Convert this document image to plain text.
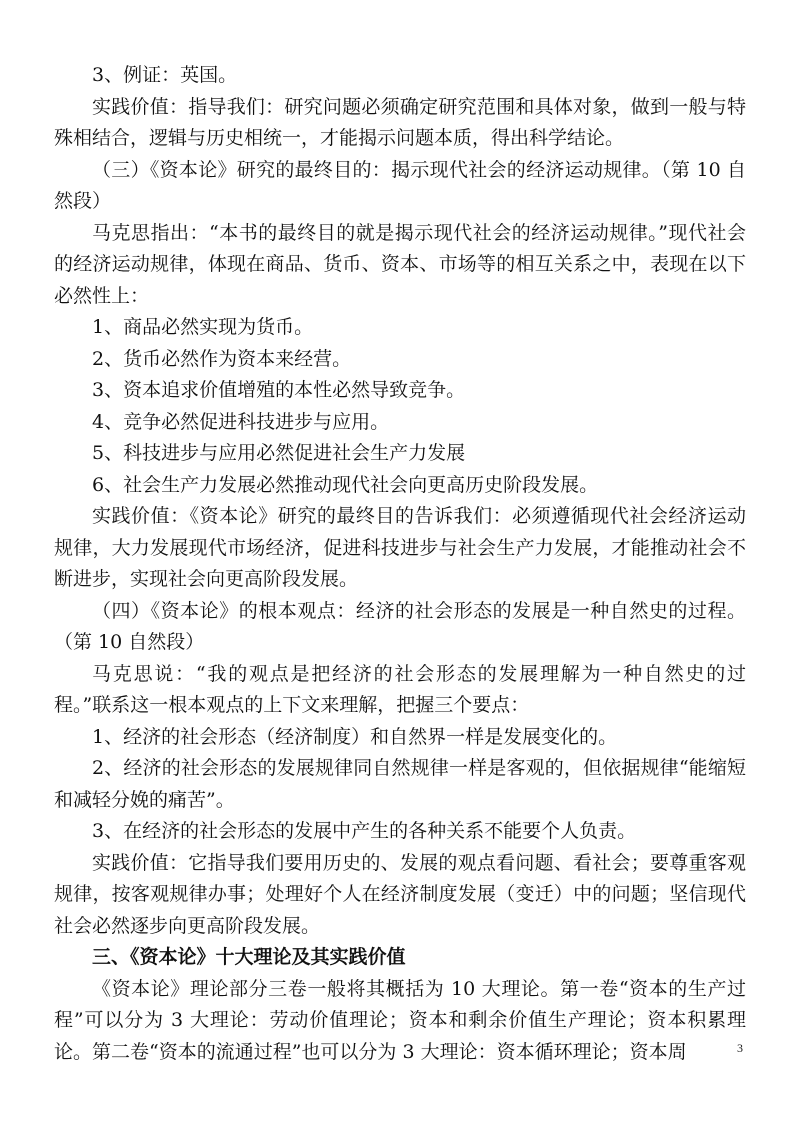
3、例证：英国。

实践价值：指导我们：研究问题必须确定研究范围和具体对象，做到一般与特殊相结合，逻辑与历史相统一，才能揭示问题本质，得出科学结论。

（三）《资本论》研究的最终目的：揭示现代社会的经济运动规律。（第 10 自然段）

马克思指出：“本书的最终目的就是揭示现代社会的经济运动规律。”现代社会的经济运动规律，体现在商品、货币、资本、市场等的相互关系之中，表现在以下必然性上：

1、商品必然实现为货币。

2、货币必然作为资本来经营。

3、资本追求价值增殖的本性必然导致竞争。

4、竞争必然促进科技进步与应用。

5、科技进步与应用必然促进社会生产力发展

6、社会生产力发展必然推动现代社会向更高历史阶段发展。

实践价值：《资本论》研究的最终目的告诉我们：必须遵循现代社会经济运动规律，大力发展现代市场经济，促进科技进步与社会生产力发展，才能推动社会不断进步，实现社会向更高阶段发展。

（四）《资本论》的根本观点：经济的社会形态的发展是一种自然史的过程。（第 10 自然段）

马克思说：“我的观点是把经济的社会形态的发展理解为一种自然史的过程。”联系这一根本观点的上下文来理解，把握三个要点：

1、经济的社会形态（经济制度）和自然界一样是发展变化的。

2、经济的社会形态的发展规律同自然规律一样是客观的，但依据规律“能缩短和减轻分娩的痛苦”。

3、在经济的社会形态的发展中产生的各种关系不能要个人负责。

实践价值：它指导我们要用历史的、发展的观点看问题、看社会；要尊重客观规律，按客观规律办事；处理好个人在经济制度发展（变迁）中的问题；坚信现代社会必然逐步向更高阶段发展。

三、《资本论》十大理论及其实践价值

《资本论》理论部分三卷一般将其概括为 10 大理论。第一卷“资本的生产过程”可以分为 3 大理论：劳动价值理论；资本和剩余价值生产理论；资本积累理论。第二卷“资本的流通过程”也可以分为 3 大理论：资本循环理论；资本周	3
